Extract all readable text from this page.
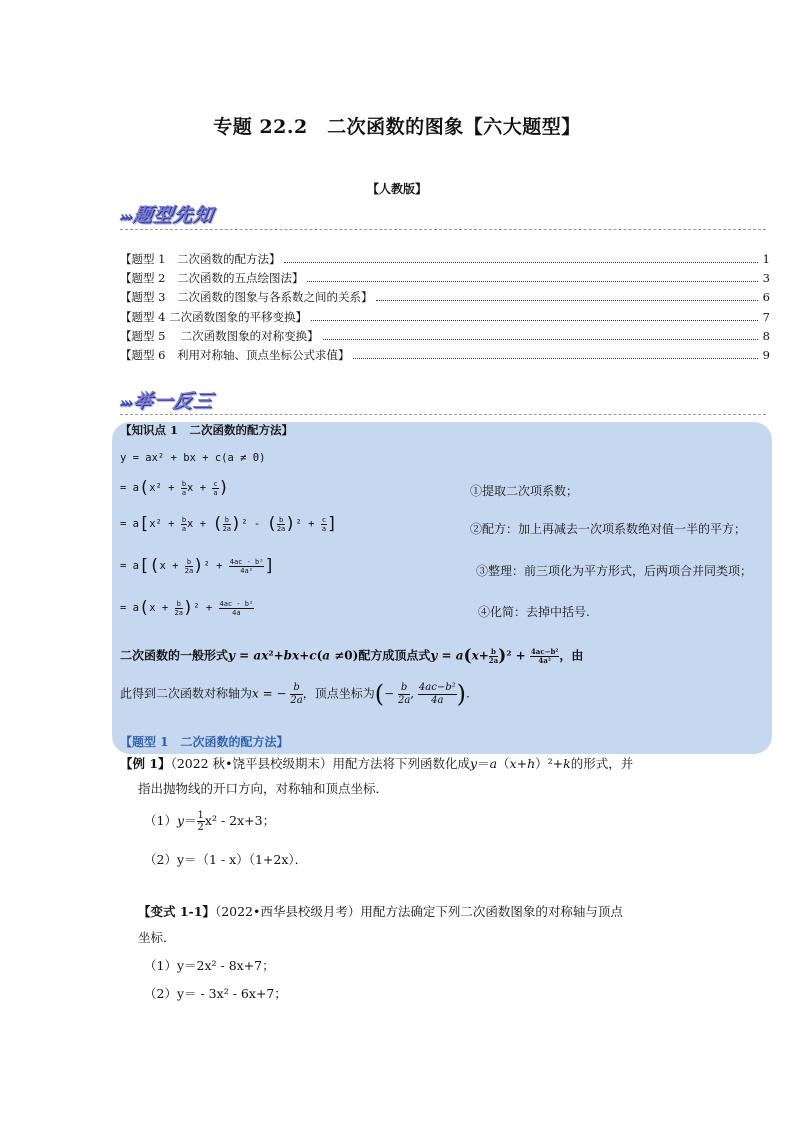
专题 22.2　二次函数的图象【六大题型】
【人教版】
›››题型先知
【题型 1　二次函数的配方法】	1
【题型 2　二次函数的五点绘图法】	3
【题型 3　二次函数的图象与各系数之间的关系】	6
【题型 4 二次函数图象的平移变换】	7
【题型 5　 二次函数图象的对称变换】	8
【题型 6　利用对称轴、顶点坐标公式求值】	9
›››举一反三
【知识点 1　二次函数的配方法】
y = ax² + bx + c(a ≠ 0)
= $a(x^2 + \frac{b}{a}$ $x + \frac{c}{a}$ )	①提取二次项系数；
= $a[x^2 + \frac{b}{a}$ x + ( $\frac{b}{2a} )^2$ - ( $\frac{b}{2a} )^2 + \frac{c}{a}$ ]	②配方：加上再减去一次项系数绝对值一半的平方；
= $a[(x + \frac{b}{2a} )^2 + \frac{\text{4ac - b²}}{\text{4a²}}$ ]	③整理：前三项化为平方形式，后两项合并同类项；
= $a(x + \frac{b}{2a} )^2 + \frac{\text{4ac - b²}}{4a}$	④化简：去掉中括号.
二次函数的一般形式y = ax²+bx+c(a ≠0)配方成顶点式$y = a(x+ \frac{b}{2a} )^2 + \frac{\text{4ac−b²}}{\text{4a²}}$ ，由
此得到二次函数对称轴为x = − $\frac{b}{2a}$ ，顶点坐标为(− $\frac{b}{2a}$ , $\frac{\text{4ac−b²}}{4a}$ ).
【题型 1　二次函数的配方法】
【例 1】（2022 秋•饶平县校级期末）用配方法将下列函数化成y＝a（x+h）²+k的形式，并
指出抛物线的开口方向，对称轴和顶点坐标．
$(1)y= \frac{1}{2} x^2 - 2x+3$；
（2）y＝（1 - x）（1+2x）．
【变式 1-1】（2022•西华县校级月考）用配方法确定下列二次函数图象的对称轴与顶点
坐标．
（1）y＝2x² - 8x+7；
（2）y＝ - 3x² - 6x+7；
